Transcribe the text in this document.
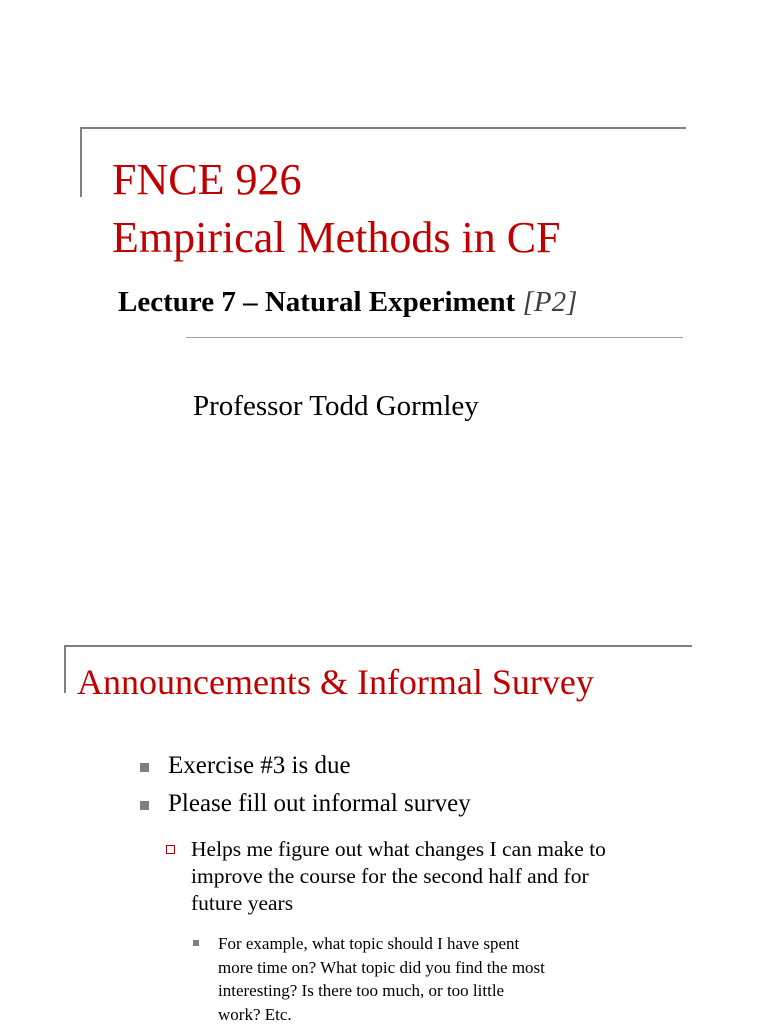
FNCE 926
Empirical Methods in CF
Lecture 7 – Natural Experiment [P2]
Professor Todd Gormley
Announcements & Informal Survey
Exercise #3 is due
Please fill out informal survey
Helps me figure out what changes I can make to improve the course for the second half and for future years
For example, what topic should I have spent more time on? What topic did you find the most interesting? Is there too much, or too little work? Etc.
